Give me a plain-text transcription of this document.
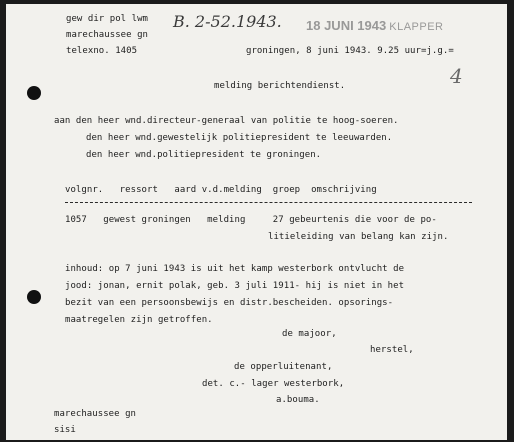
gew dir pol lwm
marechaussee gn
telexno. 1405
B. 2-52.1943. 18 JUNI 1943 KLAPPER
groningen, 8 juni 1943. 9.25 uur=j.g.=
4
melding berichtendienst.
aan den heer wnd.directeur-generaal van politie te hoog-soeren.
den heer wnd.gewestelijk politiepresident te leeuwarden.
den heer wnd.politiepresident te groningen.
volgnr.   ressort   aard v.d.melding  groep  omschrijving
1057   gewest groningen   melding     27 gebeurtenis die voor de po-
litieleiding van belang kan zijn.
inhoud: op 7 juni 1943 is uit het kamp westerbork ontvlucht de
jood: jonan, ernit polak, geb. 3 juli 1911- hij is niet in het
bezit van een persoonsbewijs en distr.bescheiden. opsorings-
maatregelen zijn getroffen.
de majoor,
herstel,
de opperluitenant,
det. c.- lager westerbork,
a.bouma.
marechaussee gn
sisi
